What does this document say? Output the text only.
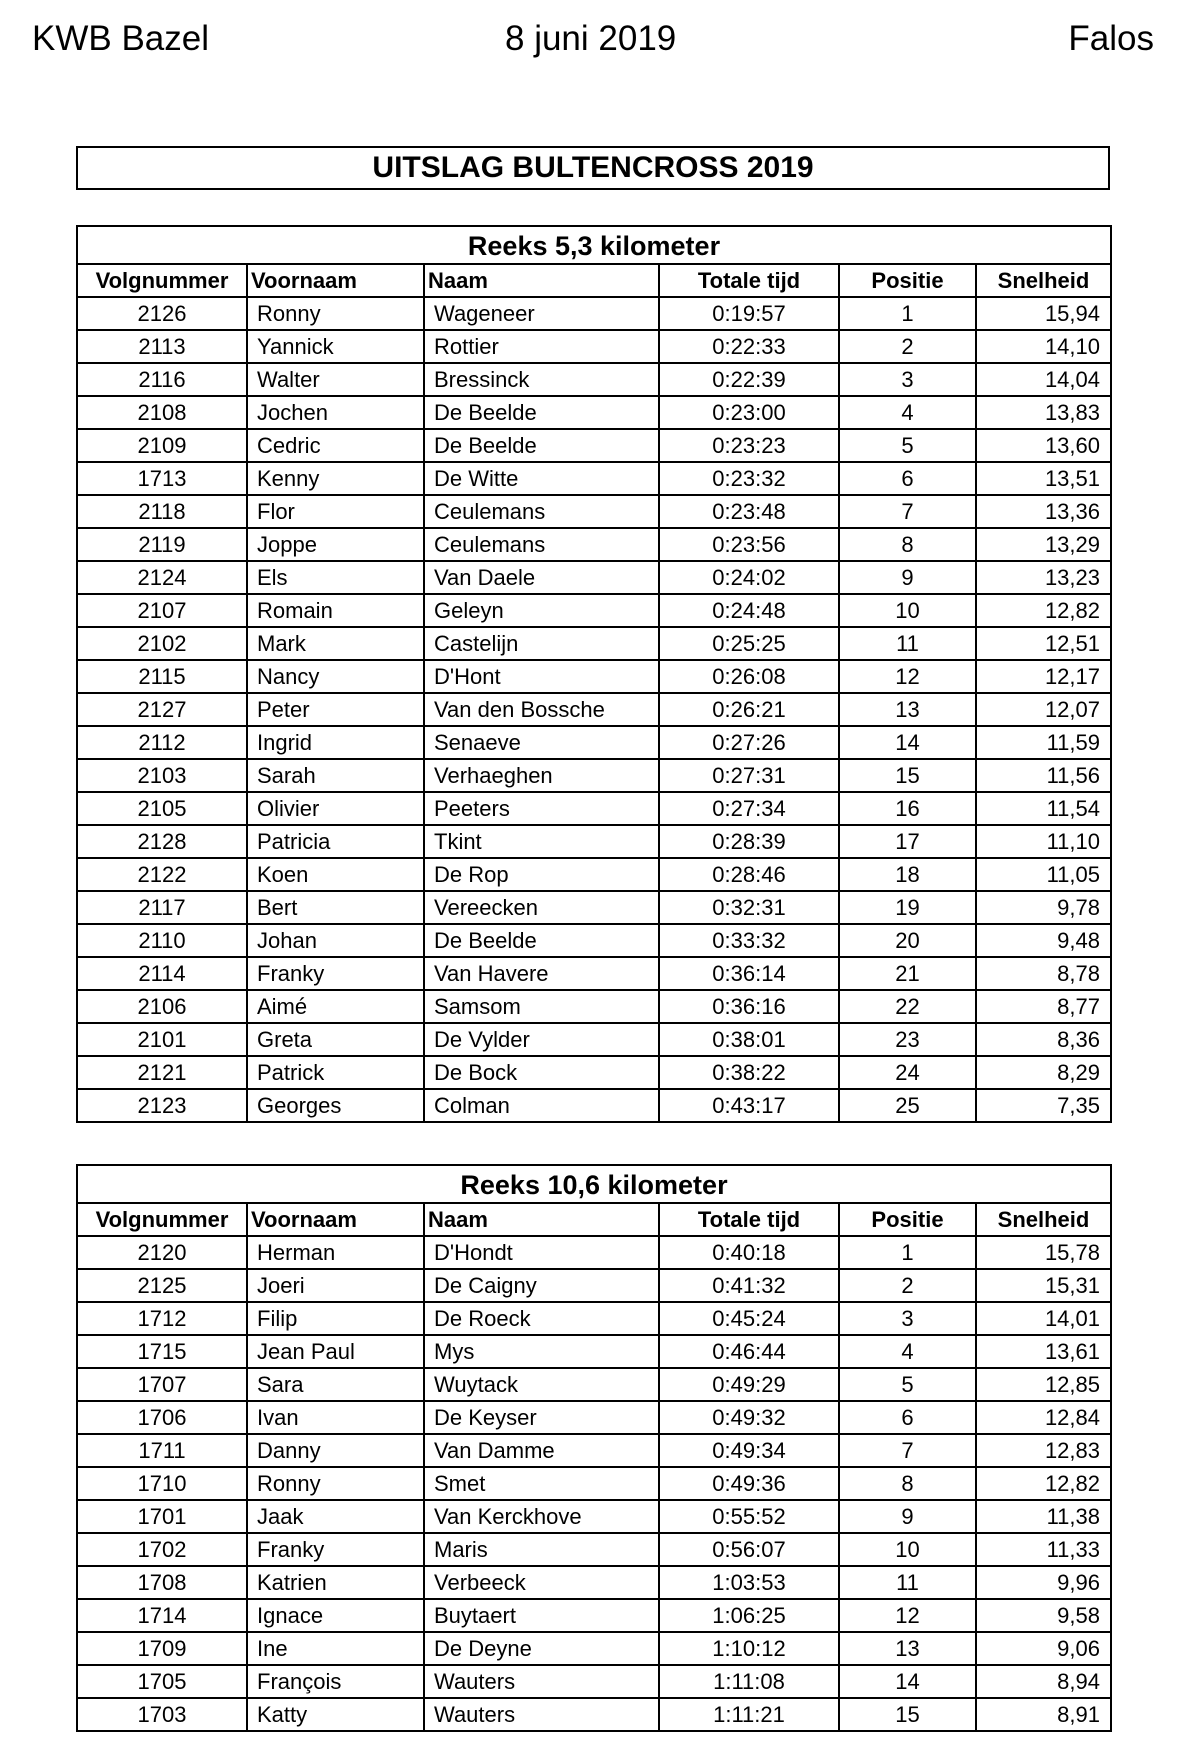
KWB Bazel	8 juni 2019	Falos
UITSLAG BULTENCROSS 2019
Reeks 5,3 kilometer
Volgnummer	Voornaam	Naam	Totale tijd	Positie	Snelheid
2126	Ronny	Wageneer	0:19:57	1	15,94
2113	Yannick	Rottier	0:22:33	2	14,10
2116	Walter	Bressinck	0:22:39	3	14,04
2108	Jochen	De Beelde	0:23:00	4	13,83
2109	Cedric	De Beelde	0:23:23	5	13,60
1713	Kenny	De Witte	0:23:32	6	13,51
2118	Flor	Ceulemans	0:23:48	7	13,36
2119	Joppe	Ceulemans	0:23:56	8	13,29
2124	Els	Van Daele	0:24:02	9	13,23
2107	Romain	Geleyn	0:24:48	10	12,82
2102	Mark	Castelijn	0:25:25	11	12,51
2115	Nancy	D'Hont	0:26:08	12	12,17
2127	Peter	Van den Bossche	0:26:21	13	12,07
2112	Ingrid	Senaeve	0:27:26	14	11,59
2103	Sarah	Verhaeghen	0:27:31	15	11,56
2105	Olivier	Peeters	0:27:34	16	11,54
2128	Patricia	Tkint	0:28:39	17	11,10
2122	Koen	De Rop	0:28:46	18	11,05
2117	Bert	Vereecken	0:32:31	19	9,78
2110	Johan	De Beelde	0:33:32	20	9,48
2114	Franky	Van Havere	0:36:14	21	8,78
2106	Aimé	Samsom	0:36:16	22	8,77
2101	Greta	De Vylder	0:38:01	23	8,36
2121	Patrick	De Bock	0:38:22	24	8,29
2123	Georges	Colman	0:43:17	25	7,35
Reeks 10,6 kilometer
Volgnummer	Voornaam	Naam	Totale tijd	Positie	Snelheid
2120	Herman	D'Hondt	0:40:18	1	15,78
2125	Joeri	De Caigny	0:41:32	2	15,31
1712	Filip	De Roeck	0:45:24	3	14,01
1715	Jean Paul	Mys	0:46:44	4	13,61
1707	Sara	Wuytack	0:49:29	5	12,85
1706	Ivan	De Keyser	0:49:32	6	12,84
1711	Danny	Van Damme	0:49:34	7	12,83
1710	Ronny	Smet	0:49:36	8	12,82
1701	Jaak	Van Kerckhove	0:55:52	9	11,38
1702	Franky	Maris	0:56:07	10	11,33
1708	Katrien	Verbeeck	1:03:53	11	9,96
1714	Ignace	Buytaert	1:06:25	12	9,58
1709	Ine	De Deyne	1:10:12	13	9,06
1705	François	Wauters	1:11:08	14	8,94
1703	Katty	Wauters	1:11:21	15	8,91
